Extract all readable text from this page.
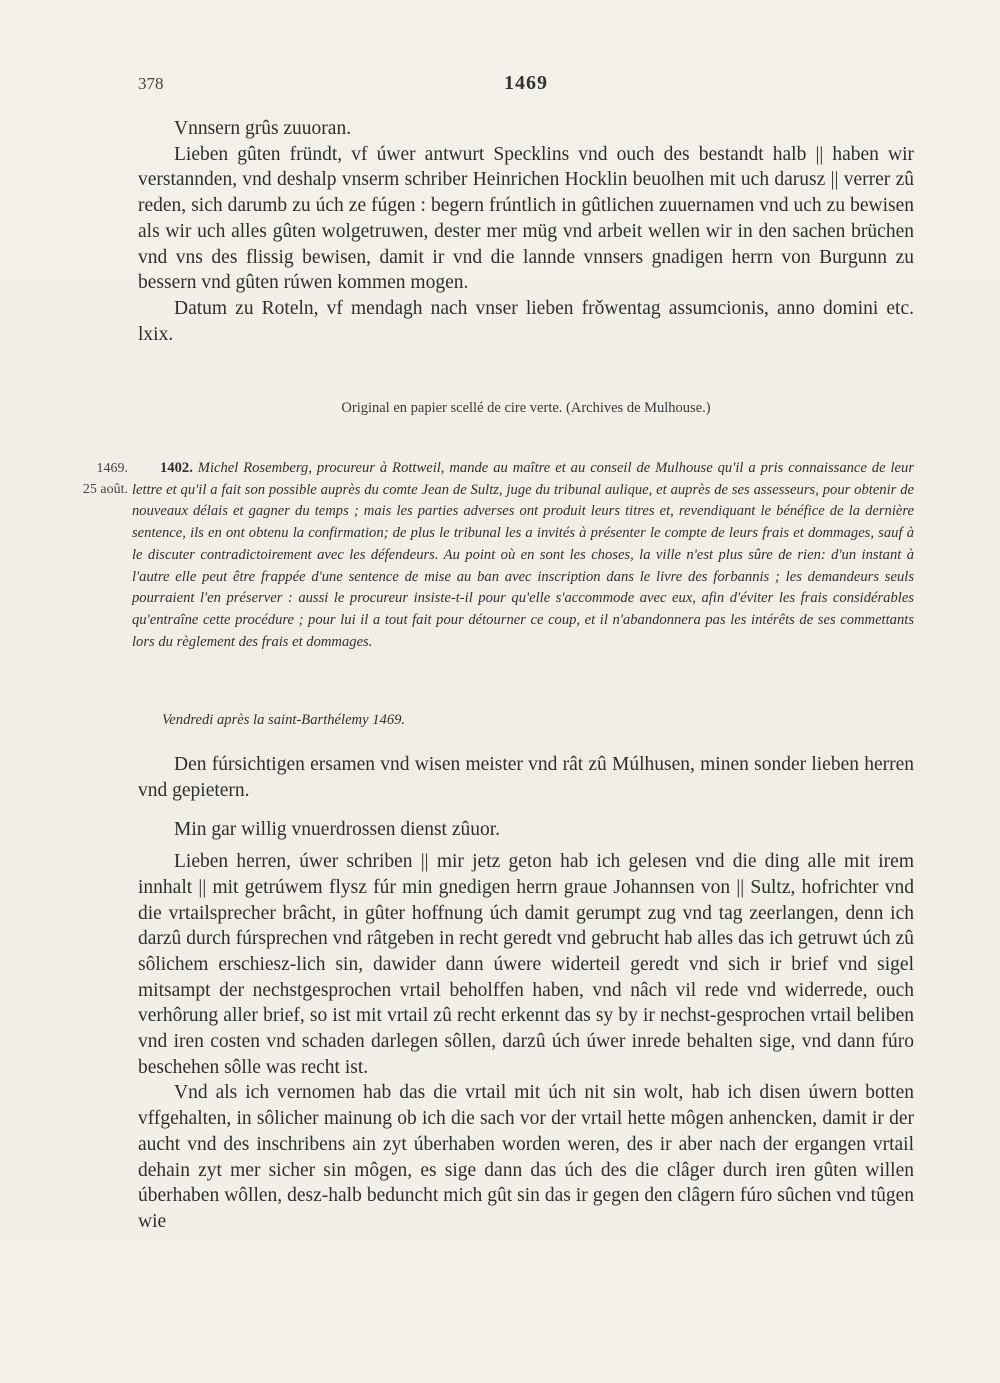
378	1469

Vnnsern grûs zuuoran.

Lieben gûten fründt, vf úwer antwurt Specklins vnd ouch des bestandt halb || haben wir verstannden, vnd deshalp vnserm schriber Heinrichen Hocklin beuolhen mit uch darusz || verrer zû reden, sich darumb zu úch ze fúgen : begern frúntlich in gûtlichen zuuernamen vnd uch zu bewisen als wir uch alles gûten wolgetruwen, dester mer müg vnd arbeit wellen wir in den sachen brüchen vnd vns des flissig bewisen, damit ir vnd die lannde vnnsers gnadigen herrn von Burgunn zu bessern vnd gûten rúwen kommen mogen.

Datum zu Roteln, vf mendagh nach vnser lieben frǒwentag assumcionis, anno domini etc. lxix.

Original en papier scellé de cire verte. (Archives de Mulhouse.)
1469.
25 août.
1402. Michel Rosemberg, procureur à Rottweil, mande au maître et au conseil de Mulhouse qu'il a pris connaissance de leur lettre et qu'il a fait son possible auprès du comte Jean de Sultz, juge du tribunal aulique, et auprès de ses assesseurs, pour obtenir de nouveaux délais et gagner du temps ; mais les parties adverses ont produit leurs titres et, revendiquant le bénéfice de la dernière sentence, ils en ont obtenu la confirmation; de plus le tribunal les a invités à présenter le compte de leurs frais et dommages, sauf à le discuter contradictoirement avec les défendeurs. Au point où en sont les choses, la ville n'est plus sûre de rien: d'un instant à l'autre elle peut être frappée d'une sentence de mise au ban avec inscription dans le livre des forbannis ; les demandeurs seuls pourraient l'en préserver : aussi le procureur insiste-t-il pour qu'elle s'accommode avec eux, afin d'éviter les frais considérables qu'entraîne cette procédure ; pour lui il a tout fait pour détourner ce coup, et il n'abandonnera pas les intérêts de ses commettants lors du règlement des frais et dommages.
Vendredi après la saint-Barthélemy 1469.

Den fúrsichtigen ersamen vnd wisen meister vnd rât zû Múlhusen, minen sonder lieben herren vnd gepietern.

Min gar willig vnuerdrossen dienst zûuor.

Lieben herren, úwer schriben || mir jetz geton hab ich gelesen vnd die ding alle mit irem innhalt || mit getrúwem flysz fúr min gnedigen herrn graue Johannsen von || Sultz, hofrichter vnd die vrtailsprecher brâcht, in gûter hoffnung úch damit gerumpt zug vnd tag zeerlangen, denn ich darzû durch fúrsprechen vnd râtgeben in recht geredt vnd gebrucht hab alles das ich getruwt úch zû sôlichem erschiesz-lich sin, dawider dann úwere widerteil geredt vnd sich ir brief vnd sigel mitsampt der nechstgesprochen vrtail beholffen haben, vnd nâch vil rede vnd widerrede, ouch verhôrung aller brief, so ist mit vrtail zû recht erkennt das sy by ir nechst-gesprochen vrtail beliben vnd iren costen vnd schaden darlegen sôllen, darzû úch úwer inrede behalten sige, vnd dann fúro beschehen sôlle was recht ist.

Vnd als ich vernomen hab das die vrtail mit úch nit sin wolt, hab ich disen úwern botten vffgehalten, in sôlicher mainung ob ich die sach vor der vrtail hette môgen anhencken, damit ir der aucht vnd des inschribens ain zyt úberhaben worden weren, des ir aber nach der ergangen vrtail dehain zyt mer sicher sin môgen, es sige dann das úch des die clâger durch iren gûten willen úberhaben wôllen, desz-halb beduncht mich gût sin das ir gegen den clâgern fúro sûchen vnd tûgen wie
